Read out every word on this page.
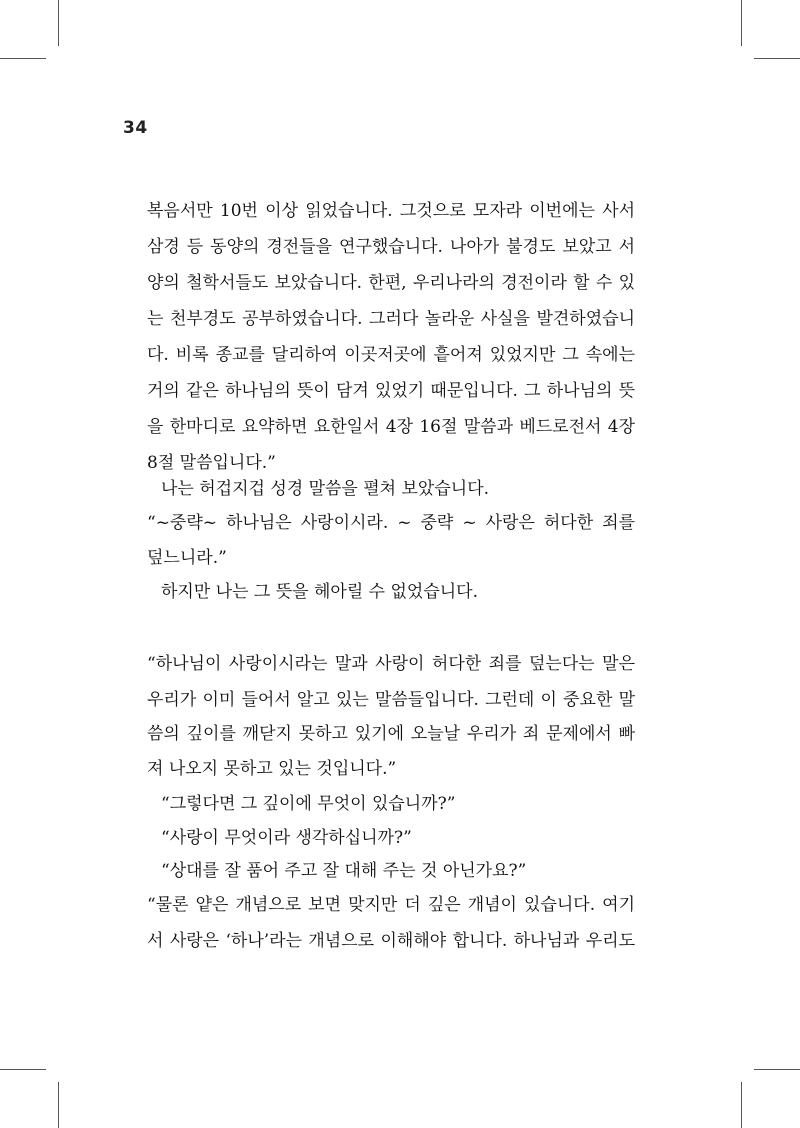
34
복음서만 10번 이상 읽었습니다. 그것으로 모자라 이번에는 사서
삼경 등 동양의 경전들을 연구했습니다. 나아가 불경도 보았고 서
양의 철학서들도 보았습니다. 한편, 우리나라의 경전이라 할 수 있
는 천부경도 공부하였습니다. 그러다 놀라운 사실을 발견하였습니
다. 비록 종교를 달리하여 이곳저곳에 흩어져 있었지만 그 속에는
거의 같은 하나님의 뜻이 담겨 있었기 때문입니다. 그 하나님의 뜻
을 한마디로 요약하면 요한일서 4장 16절 말씀과 베드로전서 4장
8절 말씀입니다.”
나는 허겁지겁 성경 말씀을 펼쳐 보았습니다.
“~중략~ 하나님은 사랑이시라. ~ 중략 ~ 사랑은 허다한 죄를
덮느니라.”
하지만 나는 그 뜻을 헤아릴 수 없었습니다.
“하나님이 사랑이시라는 말과 사랑이 허다한 죄를 덮는다는 말은
우리가 이미 들어서 알고 있는 말씀들입니다. 그런데 이 중요한 말
씀의 깊이를 깨닫지 못하고 있기에 오늘날 우리가 죄 문제에서 빠
져 나오지 못하고 있는 것입니다.”
“그렇다면 그 깊이에 무엇이 있습니까?”
“사랑이 무엇이라 생각하십니까?”
“상대를 잘 품어 주고 잘 대해 주는 것 아닌가요?”
“물론 얕은 개념으로 보면 맞지만 더 깊은 개념이 있습니다. 여기
서 사랑은 ‘하나’라는 개념으로 이해해야 합니다. 하나님과 우리도
